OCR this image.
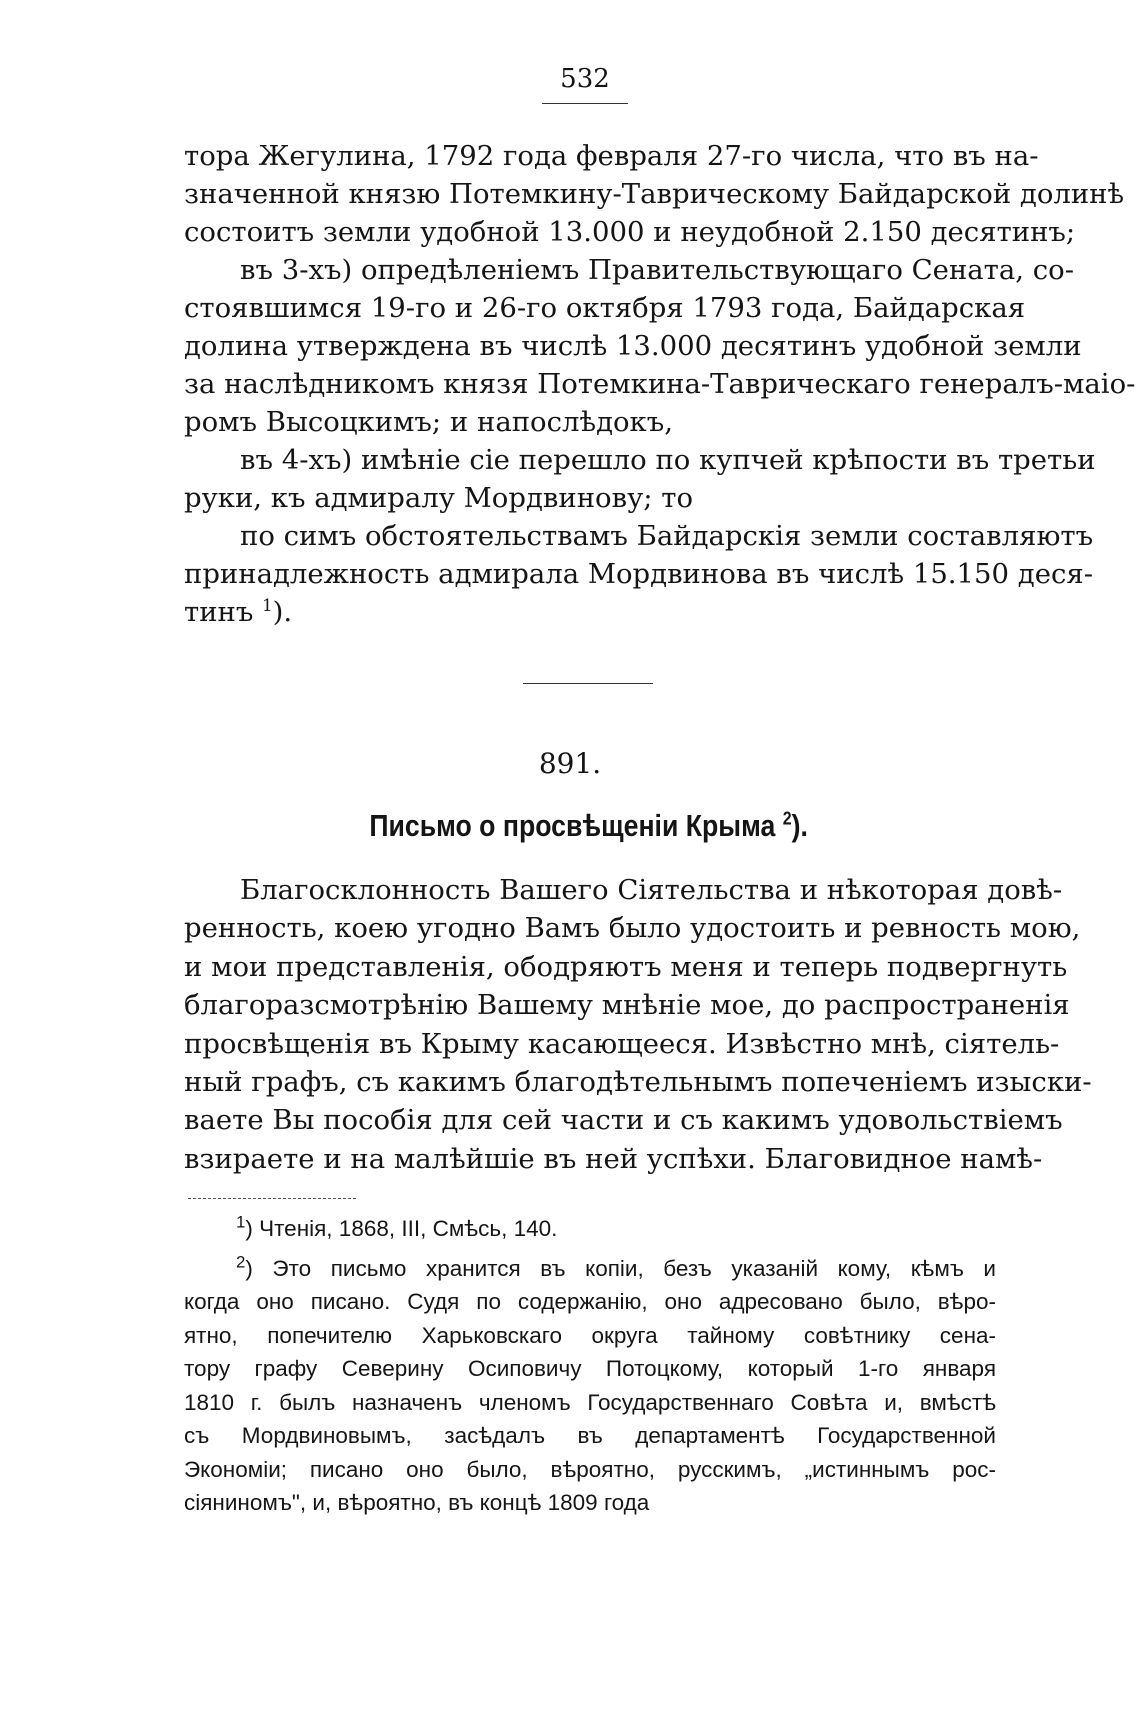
532
тора Жегулина, 1792 года февраля 27-го числа, что въ на-
значенной князю Потемкину-Таврическому Байдарской долинѣ
состоитъ земли удобной 13.000 и неудобной 2.150 десятинъ;
въ 3-хъ) опредѣленіемъ Правительствующаго Сената, со-
стоявшимся 19-го и 26-го октября 1793 года, Байдарская
долина утверждена въ числѣ 13.000 десятинъ удобной земли
за наслѣдникомъ князя Потемкина-Таврическаго генералъ-маіо-
ромъ Высоцкимъ; и напослѣдокъ,
въ 4-хъ) имѣніе сіе перешло по купчей крѣпости въ третьи
руки, къ адмиралу Мордвинову; то
по симъ обстоятельствамъ Байдарскія земли составляютъ
принадлежность адмирала Мордвинова въ числѣ 15.150 деся-
тинъ $^1$).
891.
Письмо о просвѣщеніи Крыма $^2$).
Благосклонность Вашего Сіятельства и нѣкоторая довѣ-
ренность, коею угодно Вамъ было удостоить и ревность мою,
и мои представленія, ободряютъ меня и теперь подвергнуть
благоразсмотрѣнію Вашему мнѣніе мое, до распространенія
просвѣщенія въ Крыму касающееся. Извѣстно мнѣ, сіятель-
ный графъ, съ какимъ благодѣтельнымъ попеченіемъ изыски-
ваете Вы пособія для сей части и съ какимъ удовольствіемъ
взираете и на малѣйшіе въ ней успѣхи. Благовидное намѣ-
$^1$) Чтенія, 1868, III, Смѣсь, 140.
$^2$) Это письмо хранится въ копіи, безъ указаній кому, кѣмъ и
когда оно писано. Судя по содержанію, оно адресовано было, вѣро-
ятно, попечителю Харьковскаго округа тайному совѣтнику сена-
тору графу Северину Осиповичу Потоцкому, который 1-го января
1810 г. былъ назначенъ членомъ Государственнаго Совѣта и, вмѣстѣ
съ Мордвиновымъ, засѣдалъ въ департаментѣ Государственной
Экономіи; писано оно было, вѣроятно, русскимъ, „истиннымъ рос-
сіяниномъ", и, вѣроятно, въ концѣ 1809 года
